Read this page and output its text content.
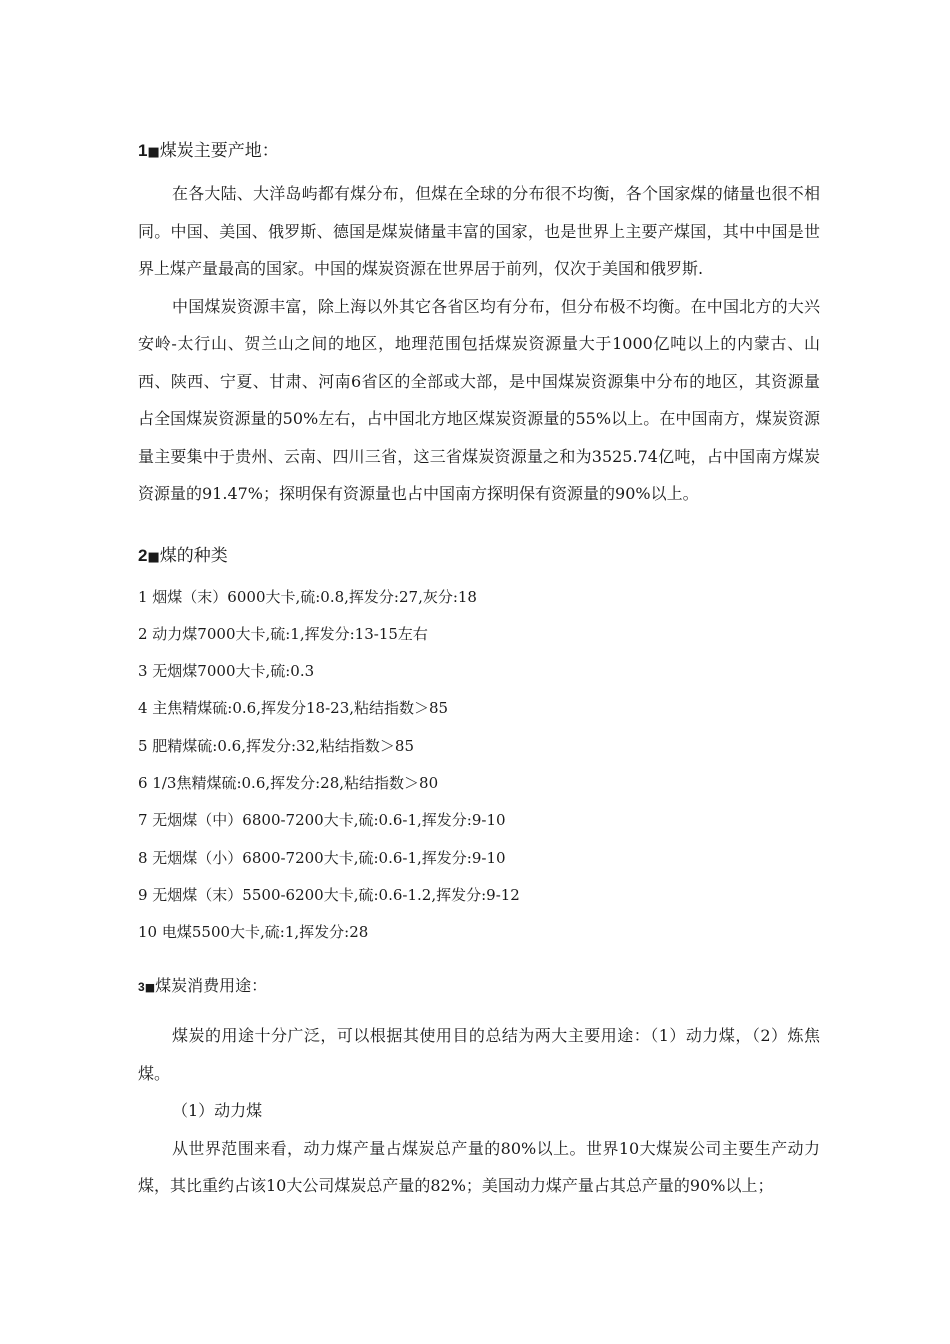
1■煤炭主要产地：

在各大陆、大洋岛屿都有煤分布，但煤在全球的分布很不均衡，各个国家煤的储量也很不相同。中国、美国、俄罗斯、德国是煤炭储量丰富的国家，也是世界上主要产煤国，其中中国是世界上煤产量最高的国家。中国的煤炭资源在世界居于前列，仅次于美国和俄罗斯.

中国煤炭资源丰富，除上海以外其它各省区均有分布，但分布极不均衡。在中国北方的大兴安岭-太行山、贺兰山之间的地区，地理范围包括煤炭资源量大于1000亿吨以上的内蒙古、山西、陕西、宁夏、甘肃、河南6省区的全部或大部，是中国煤炭资源集中分布的地区，其资源量占全国煤炭资源量的50%左右，占中国北方地区煤炭资源量的55%以上。在中国南方，煤炭资源量主要集中于贵州、云南、四川三省，这三省煤炭资源量之和为3525.74亿吨，占中国南方煤炭资源量的91.47%；探明保有资源量也占中国南方探明保有资源量的90%以上。

2■煤的种类

1 烟煤（末）6000大卡,硫:0.8,挥发分:27,灰分:18

2 动力煤7000大卡,硫:1,挥发分:13-15左右

3 无烟煤7000大卡,硫:0.3

4 主焦精煤硫:0.6,挥发分18-23,粘结指数＞85

5 肥精煤硫:0.6,挥发分:32,粘结指数＞85

6 1/3焦精煤硫:0.6,挥发分:28,粘结指数＞80

7 无烟煤（中）6800-7200大卡,硫:0.6-1,挥发分:9-10

8 无烟煤（小）6800-7200大卡,硫:0.6-1,挥发分:9-10

9 无烟煤（末）5500-6200大卡,硫:0.6-1.2,挥发分:9-12

10 电煤5500大卡,硫:1,挥发分:28

3■煤炭消费用途：

煤炭的用途十分广泛，可以根据其使用目的总结为两大主要用途：（1）动力煤，（2）炼焦煤。

（1）动力煤

从世界范围来看，动力煤产量占煤炭总产量的80%以上。世界10大煤炭公司主要生产动力煤，其比重约占该10大公司煤炭总产量的82%；美国动力煤产量占其总产量的90%以上；
